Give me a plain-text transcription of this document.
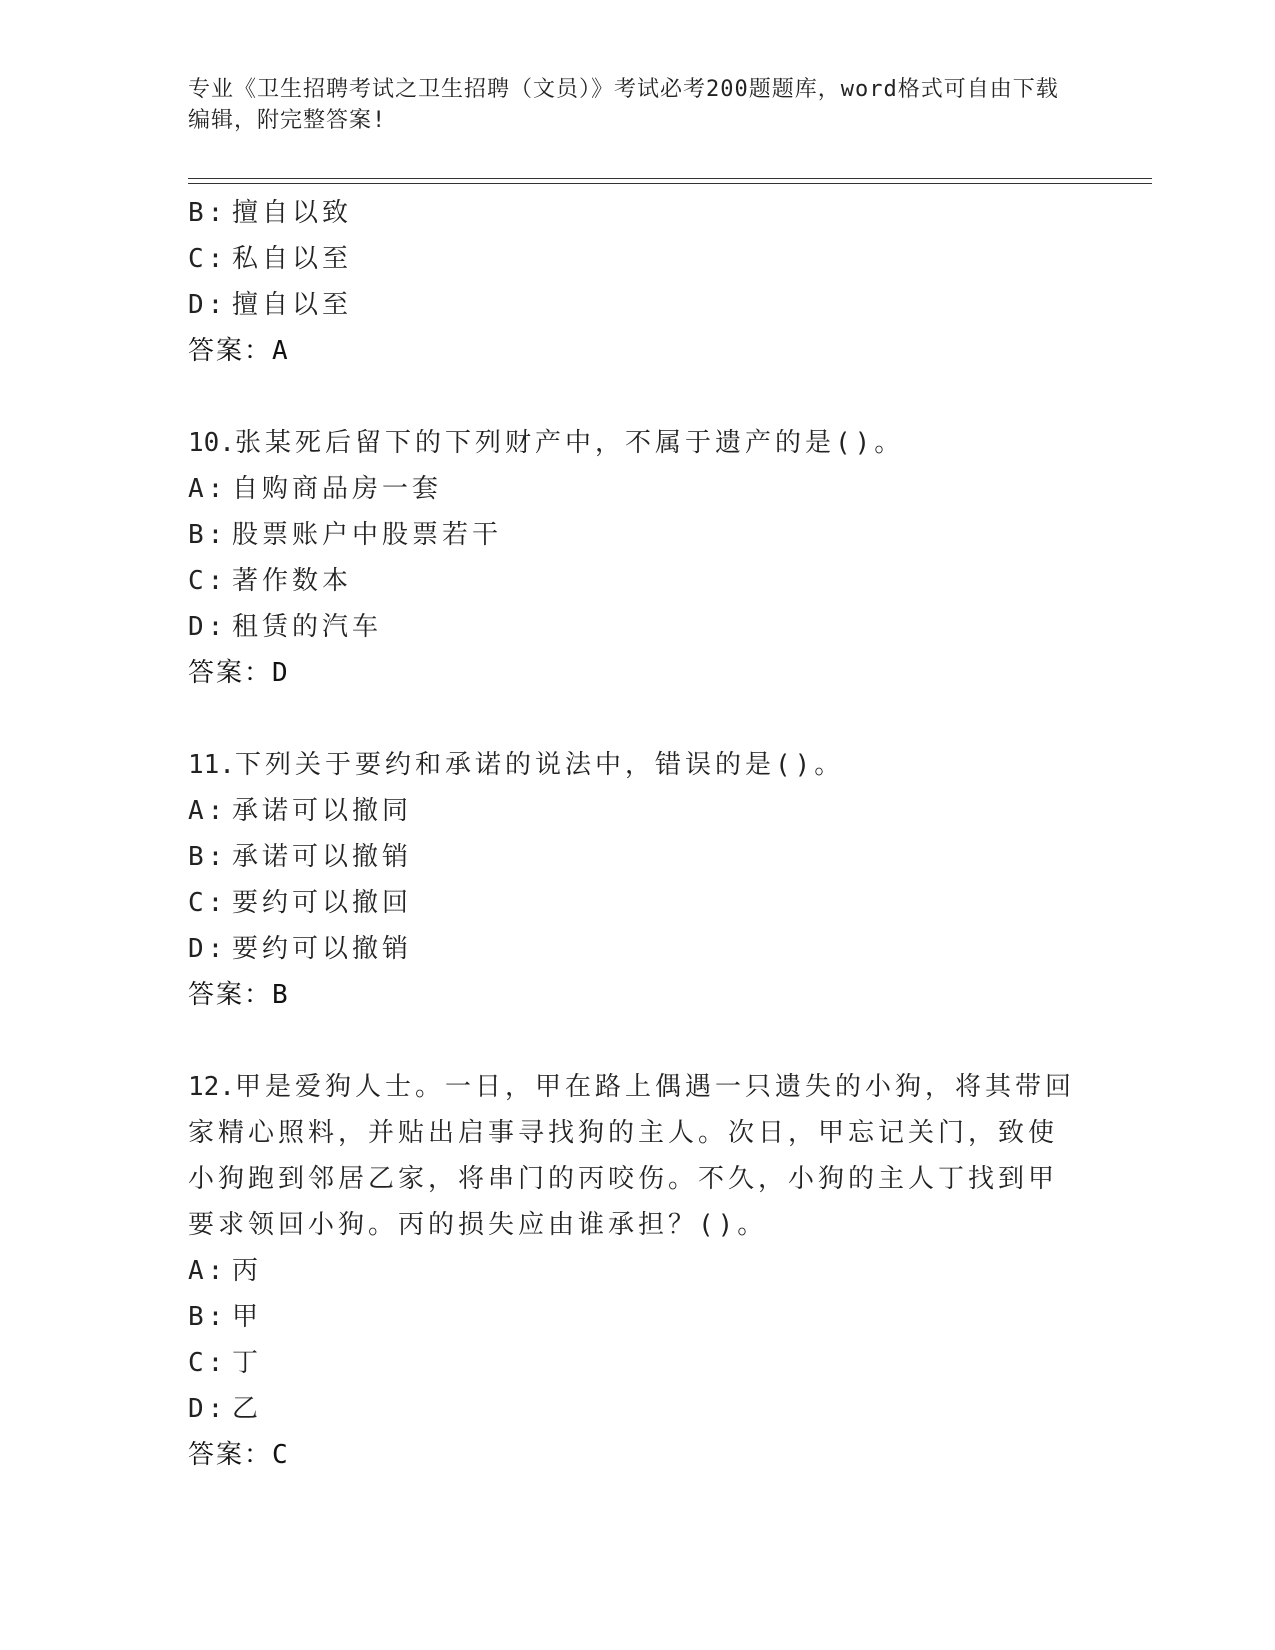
专业《卫生招聘考试之卫生招聘（文员）》考试必考200题题库，word格式可自由下载编辑，附完整答案!
B: 擅自以致
C: 私自以至
D: 擅自以至
答案：A
10.张某死后留下的下列财产中，不属于遗产的是()。
A: 自购商品房一套
B: 股票账户中股票若干
C: 著作数本
D: 租赁的汽车
答案：D
11.下列关于要约和承诺的说法中，错误的是()。
A: 承诺可以撤同
B: 承诺可以撤销
C: 要约可以撤回
D: 要约可以撤销
答案：B
12.甲是爱狗人士。一日，甲在路上偶遇一只遗失的小狗，将其带回家精心照料，并贴出启事寻找狗的主人。次日，甲忘记关门，致使小狗跑到邻居乙家，将串门的丙咬伤。不久，小狗的主人丁找到甲要求领回小狗。丙的损失应由谁承担？()。
A: 丙
B: 甲
C: 丁
D: 乙
答案：C
